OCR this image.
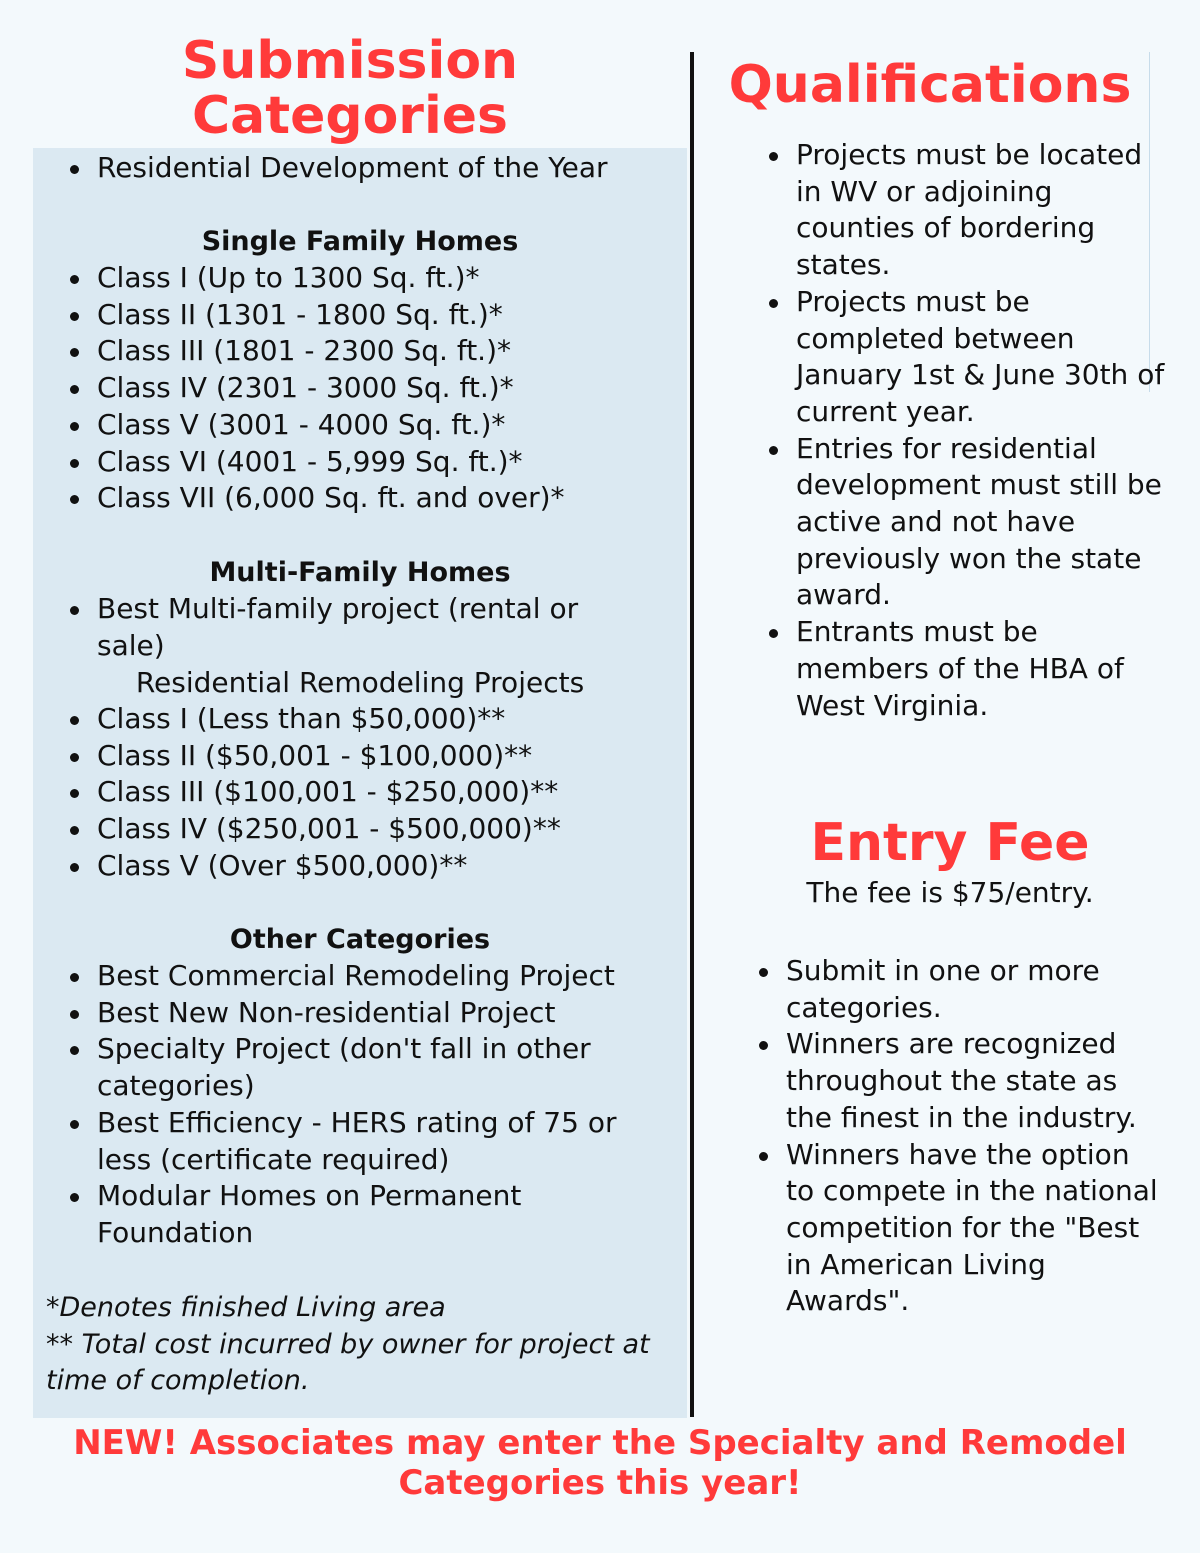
Submission Categories
Residential Development of the Year
Single Family Homes
Class I (Up to 1300 Sq. ft.)*
Class II (1301 - 1800 Sq. ft.)*
Class III (1801 - 2300 Sq. ft.)*
Class IV (2301 - 3000 Sq. ft.)*
Class V (3001 - 4000 Sq. ft.)*
Class VI (4001 - 5,999 Sq. ft.)*
Class VII (6,000 Sq. ft. and over)*
Multi-Family Homes
Best Multi-family project (rental or sale)
Residential Remodeling Projects
Class I (Less than $50,000)**
Class II ($50,001 - $100,000)**
Class III ($100,001 - $250,000)**
Class IV ($250,001 - $500,000)**
Class V (Over $500,000)**
Other Categories
Best Commercial Remodeling Project
Best New Non-residential Project
Specialty Project (don't fall in other categories)
Best Efficiency - HERS rating of 75 or less (certificate required)
Modular Homes on Permanent Foundation
*Denotes finished Living area
** Total cost incurred by owner for project at time of completion.
Qualifications
Projects must be located in WV or adjoining counties of bordering states.
Projects must be completed between January 1st & June 30th of current year.
Entries for residential development must still be active and not have previously won the state award.
Entrants must be members of the HBA of West Virginia.
Entry Fee
The fee is $75/entry.
Submit in one or more categories.
Winners are recognized throughout the state as the finest in the industry.
Winners have the option to compete in the national competition for the "Best in American Living Awards".
NEW! Associates may enter the Specialty and Remodel Categories this year!
